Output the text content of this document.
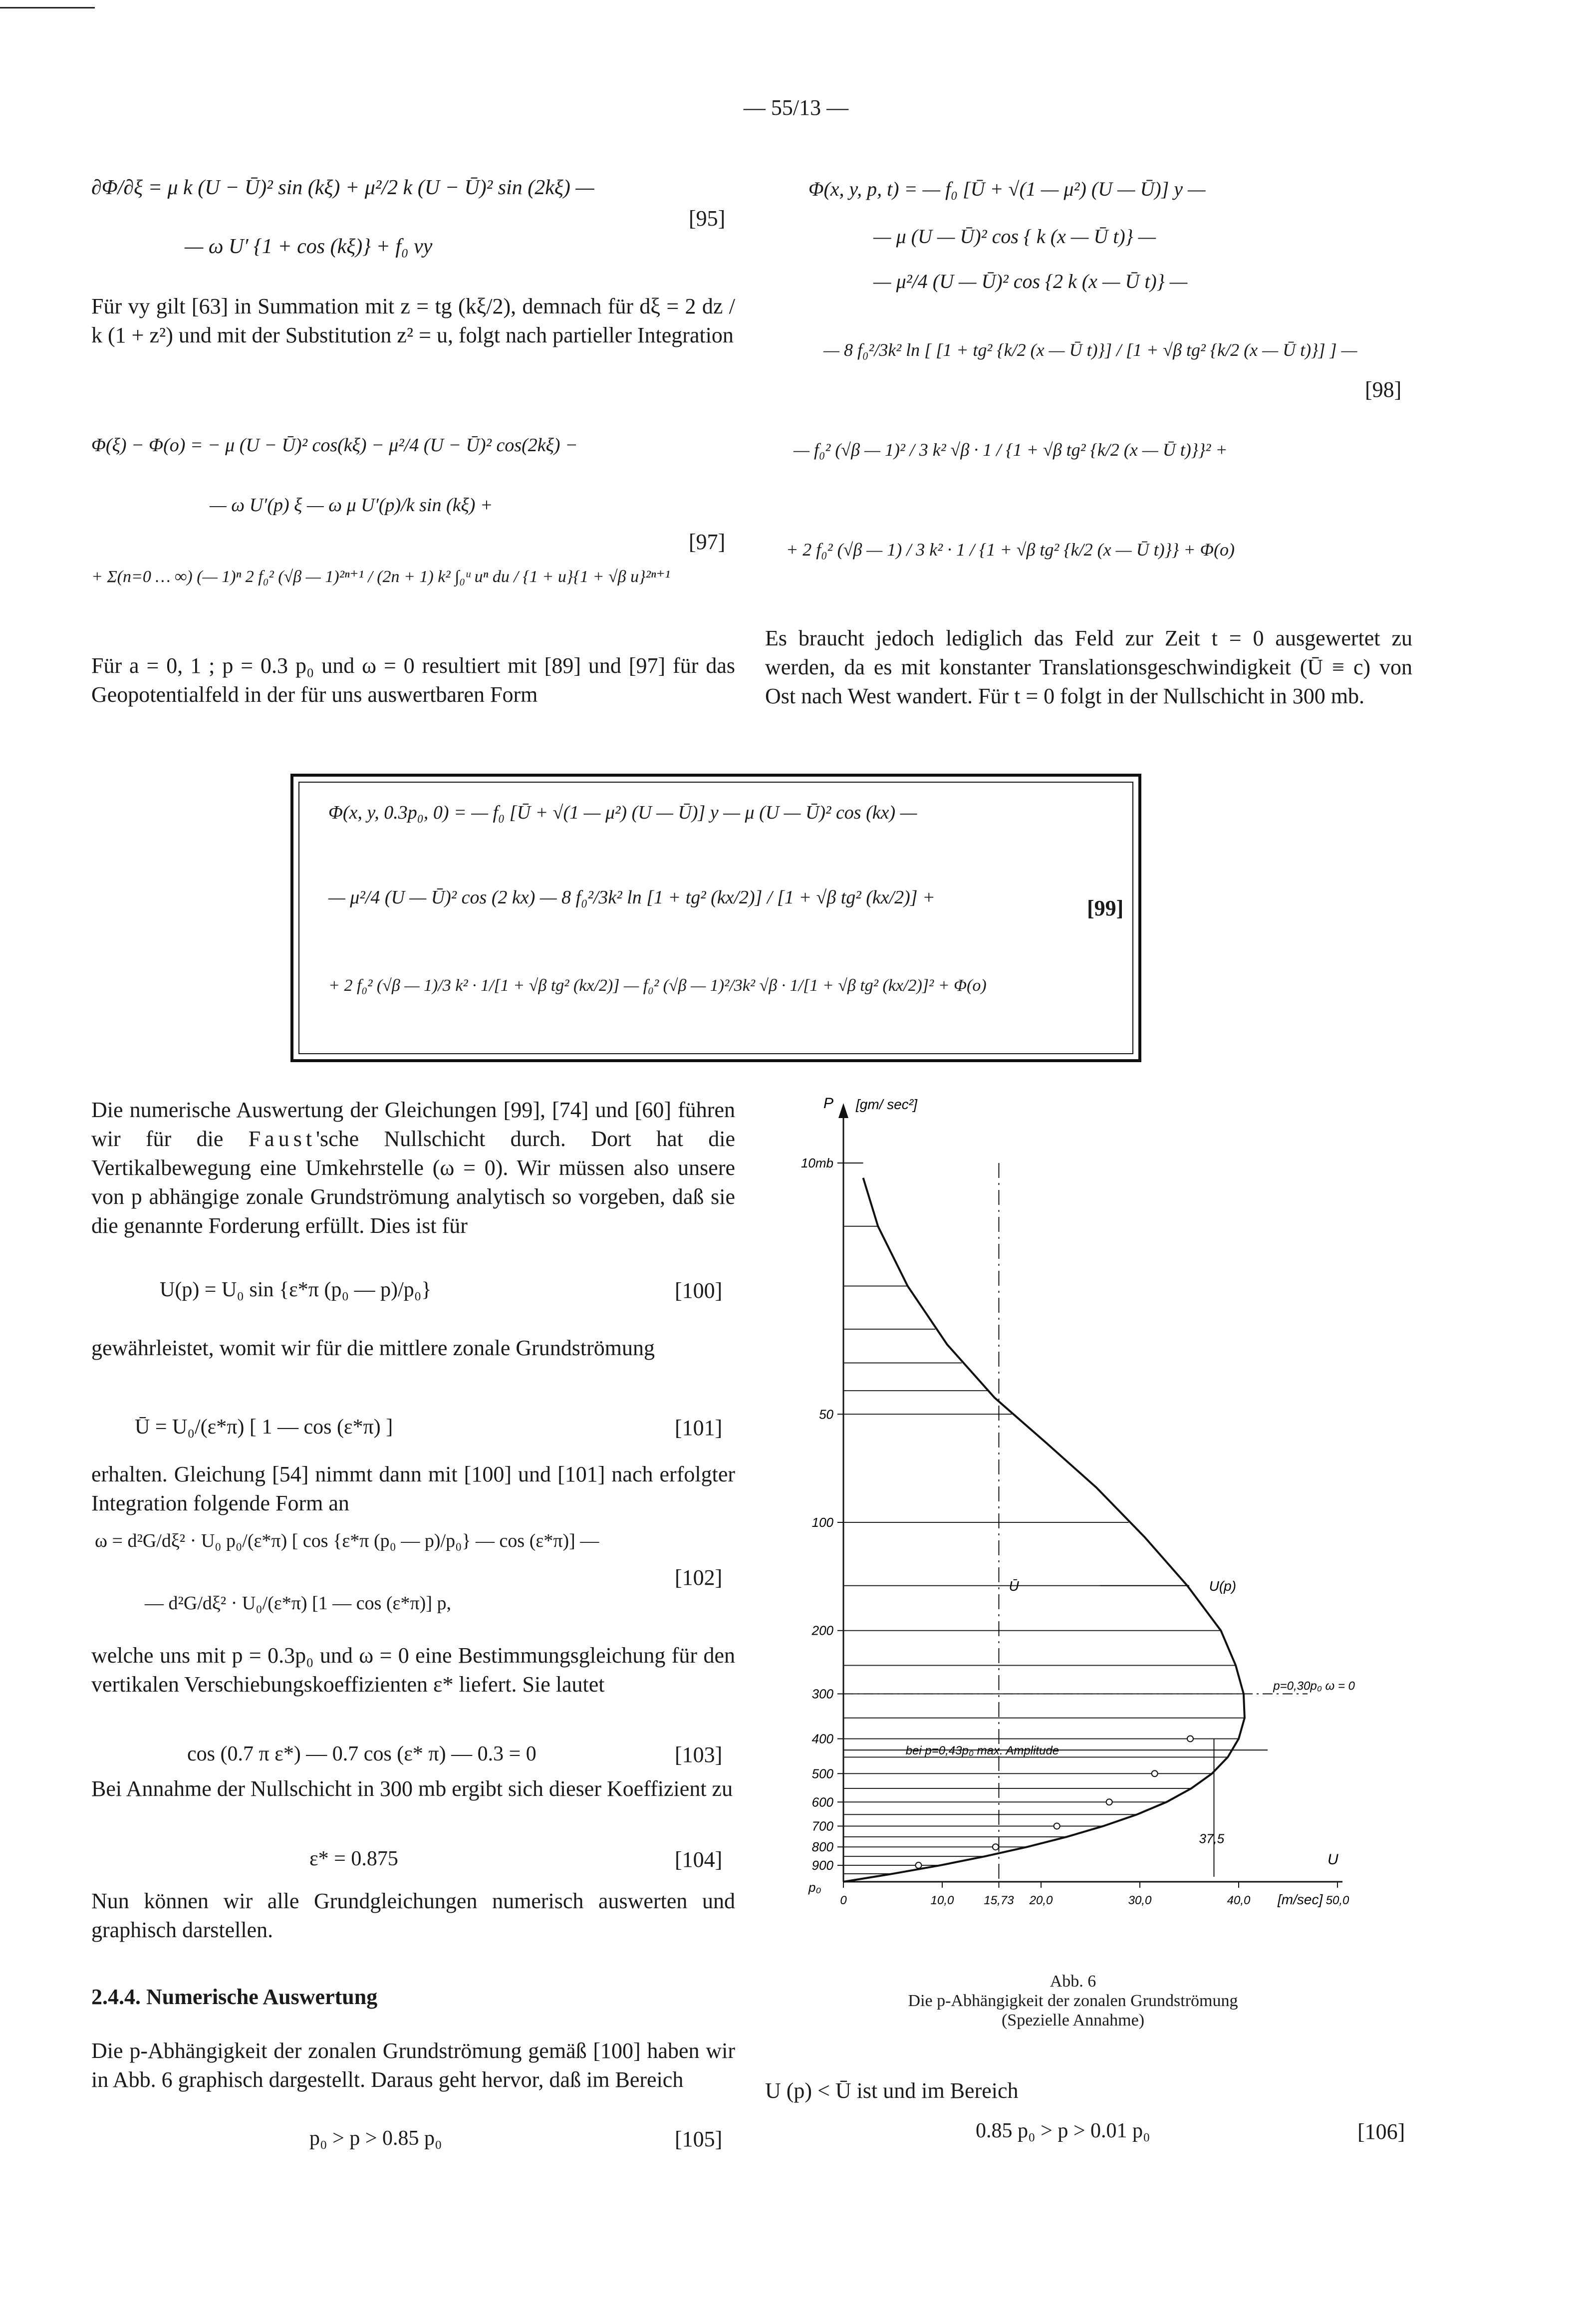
— 55/13 —
∂Φ/∂ξ = μ k (U − Ū)² sin (kξ) + μ²/2 k (U − Ū)² sin (2kξ) —
— ω U′ {1 + cos (kξ)} + f₀ vy
[95]

Für vy gilt [63] in Summation mit z = tg (kξ/2), demnach für dξ = 2 dz / k (1 + z²) und mit der Substitution z² = u, folgt nach partieller Integration

Φ(ξ) − Φ(o) = − μ (U − Ū)² cos(kξ) − μ²/4 (U − Ū)² cos(2kξ) −
— ω U′(p) ξ — ω μ U′(p)/k sin (kξ) +
+ Σ(n=0 … ∞) (— 1)ⁿ 2 f₀² (√β — 1)²ⁿ⁺¹ / (2n + 1) k² ∫₀ᵘ uⁿ du / {1 + u}{1 + √β u}²ⁿ⁺¹
[97]

Für a = 0, 1 ; p = 0.3 p₀ und ω = 0 resultiert mit [89] und [97] für das Geopotentialfeld in der für uns auswertbaren Form

Φ(x, y, 0.3p₀, 0) = — f₀ [Ū + √(1 — μ²) (U — Ū)] y — μ (U — Ū)² cos (kx) —
— μ²/4 (U — Ū)² cos (2 kx) — 8 f₀²/3k² ln [1 + tg² (kx/2)] / [1 + √β tg² (kx/2)] +
+ 2 f₀² (√β — 1)/3 k² · 1/[1 + √β tg² (kx/2)] — f₀² (√β — 1)²/3k² √β · 1/[1 + √β tg² (kx/2)]² + Φ(o)
[99]

Die numerische Auswertung der Gleichungen [99], [74] und [60] führen wir für die Faust'sche Nullschicht durch. Dort hat die Vertikalbewegung eine Umkehrstelle (ω = 0). Wir müssen also unsere von p abhängige zonale Grundströmung analytisch so vorgeben, daß sie die genannte Forderung erfüllt. Dies ist für

U(p) = U₀ sin {ε*π (p₀ — p)/p₀}	[100]

gewährleistet, womit wir für die mittlere zonale Grundströmung

Ū = U₀/(ε*π) [ 1 — cos (ε*π) ]	[101]

erhalten. Gleichung [54] nimmt dann mit [100] und [101] nach erfolgter Integration folgende Form an

ω = d²G/dξ² · U₀ p₀/(ε*π) [ cos {ε*π (p₀ — p)/p₀} — cos (ε*π)] —
— d²G/dξ² · U₀/(ε*π) [1 — cos (ε*π)] p,
[102]

welche uns mit p = 0.3p₀ und ω = 0 eine Bestimmungsgleichung für den vertikalen Verschiebungskoeffizienten ε* liefert. Sie lautet

cos (0.7 π ε*) — 0.7 cos (ε* π) — 0.3 = 0	[103]

Bei Annahme der Nullschicht in 300 mb ergibt sich dieser Koeffizient zu

ε* = 0.875	[104]

Nun können wir alle Grundgleichungen numerisch auswerten und graphisch darstellen.

2.4.4. Numerische Auswertung

Die p-Abhängigkeit der zonalen Grundströmung gemäß [100] haben wir in Abb. 6 graphisch dargestellt. Daraus geht hervor, daß im Bereich

p₀ > p > 0.85 p₀	[105]
Φ(x, y, p, t) = — f₀ [Ū + √(1 — μ²) (U — Ū)] y —
— μ (U — Ū)² cos { k (x — Ū t)} —
— μ²/4 (U — Ū)² cos {2 k (x — Ū t)} —
— 8 f₀²/3k² ln [ [1 + tg² {k/2 (x — Ū t)}] / [1 + √β tg² {k/2 (x — Ū t)}] ] —
— f₀² (√β — 1)² / 3 k² √β · 1 / {1 + √β tg² {k/2 (x — Ū t)}}² +
+ 2 f₀² (√β — 1) / 3 k² · 1 / {1 + √β tg² {k/2 (x — Ū t)}} + Φ(o)
[98]

Es braucht jedoch lediglich das Feld zur Zeit t = 0 ausgewertet zu werden, da es mit konstanter Translationsgeschwindigkeit (Ū ≡ c) von Ost nach West wandert. Für t = 0 folgt in der Nullschicht in 300 mb.

P [gm/ sec²]
U
[m/sec]
p₀
10mb
50
100
200
300
400
500
600
700
800
900
0	10,0	15,73 20,0	30,0	40,0	50,0
Ū
37,5
U(p)
p=0,30p₀ ω = 0
bei p=0,43p₀ max. Amplitude
Abb. 6
Die p-Abhängigkeit der zonalen Grundströmung
(Spezielle Annahme)

U (p) < Ū ist und im Bereich

0.85 p₀ > p > 0.01 p₀	[106]
